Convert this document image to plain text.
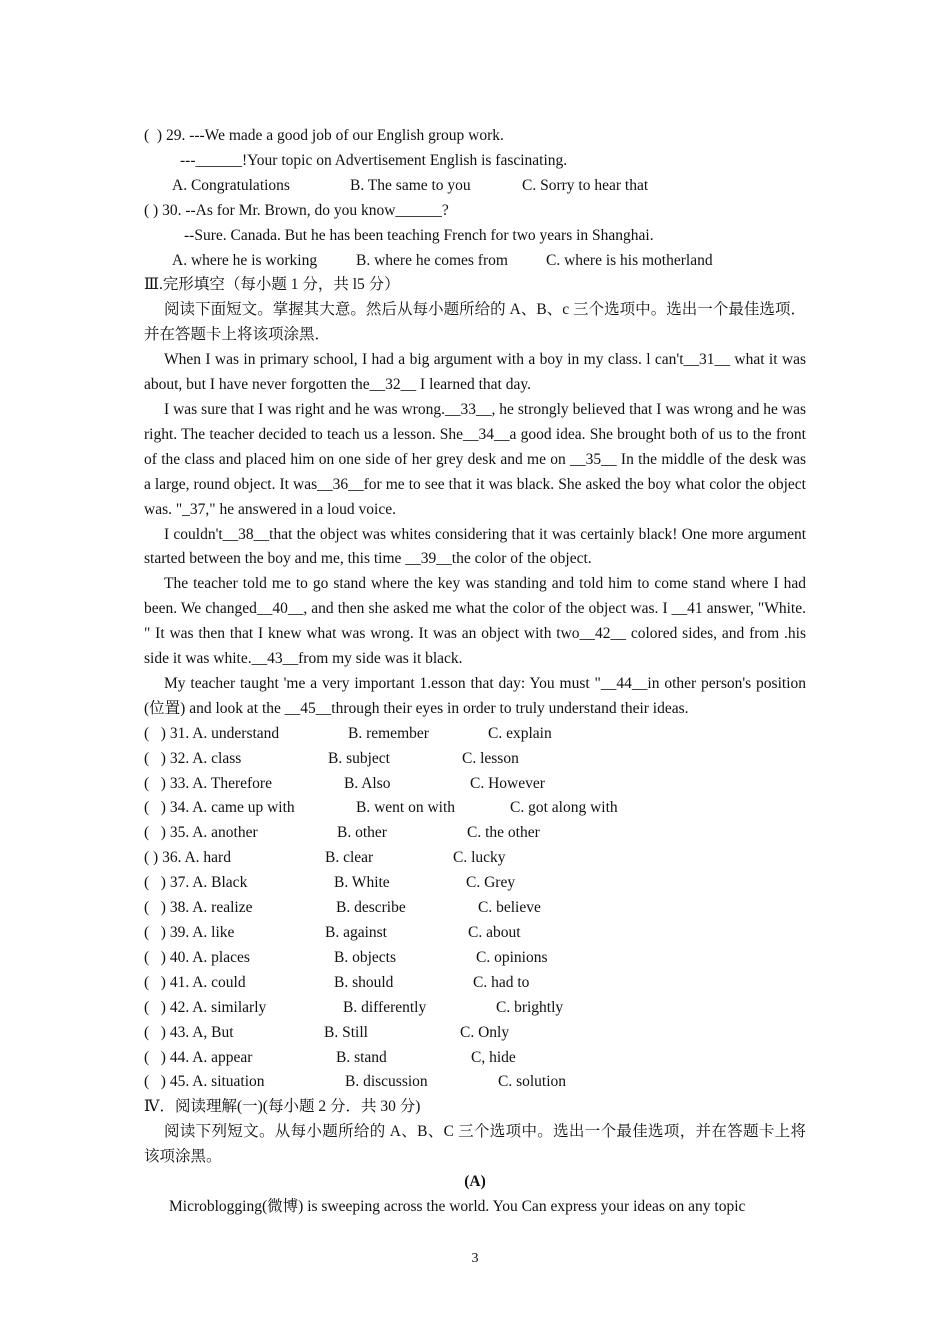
(  ) 29. ---We made a good job of our English group work.
---______!Your topic on Advertisement English is fascinating.
A. Congratulations	B. The same to you	C. Sorry to hear that
( ) 30. --As for Mr. Brown, do you know______?
--Sure. Canada. But he has been teaching French for two years in Shanghai.
A. where he is working	B. where he comes from C. where is his motherland
Ⅲ.完形填空（每小题 1 分，共 l5 分）
阅读下面短文。掌握其大意。然后从每小题所给的 A、B、c 三个选项中。选出一个最佳选项．并在答题卡上将该项涂黑．
When I was in primary school, I had a big argument with a boy in my class. l can't__31__ what it was about, but I have never forgotten the__32__ I learned that day.
I was sure that I was right and he was wrong.__33__, he strongly believed that I was wrong and he was right. The teacher decided to teach us a lesson. She__34__a good idea. She brought both of us to the front of the class and placed him on one side of her grey desk and me on __35__ In the middle of the desk was a large, round object. It was__36__for me to see that it was black. She asked the boy what color the object was. "_37," he answered in a loud voice.
I couldn't__38__that the object was whites considering that it was certainly black! One more argument started between the boy and me, this time __39__the color of the object.
The teacher told me to go stand where the key was standing and told him to come stand where I had been. We changed__40__, and then she asked me what the color of the object was. I __41 answer, "White. " It was then that I knew what was wrong. It was an object with two__42__ colored sides, and from .his side it was white.__43__from my side was it black.
My teacher taught 'me a very important 1.esson that day: You must "__44__in other person's position (位置) and look at the __45__through their eyes in order to truly understand their ideas.
(   ) 31. A. understand	B. remember	C. explain
(   ) 32. A. class	B. subject	C. lesson
(   ) 33. A. Therefore	B. Also	C. However
(   ) 34. A. came up with	B. went on with	C. got along with
(   ) 35. A. another	B. other	C. the other
( ) 36. A. hard	B. clear	C. lucky
(   ) 37. A. Black	B. White	C. Grey
(   ) 38. A. realize	B. describe	C. believe
(   ) 39. A. like	B. against	C. about
(   ) 40. A. places	B. objects	C. opinions
(   ) 41. A. could	B. should	C. had to
(   ) 42. A. similarly	B. differently	C. brightly
(   ) 43. A, But	B. Still	C. Only
(   ) 44. A. appear	B. stand	C, hide
(   ) 45. A. situation	B. discussion	C. solution
Ⅳ．阅读理解(一)(每小题 2 分．共 30 分)
阅读下列短文。从每小题所给的 A、B、C 三个选项中。选出一个最佳选项，并在答题卡上将该项涂黑。
(A)
Microblogging(微博) is sweeping across the world. You Can express your ideas on any topic
3
